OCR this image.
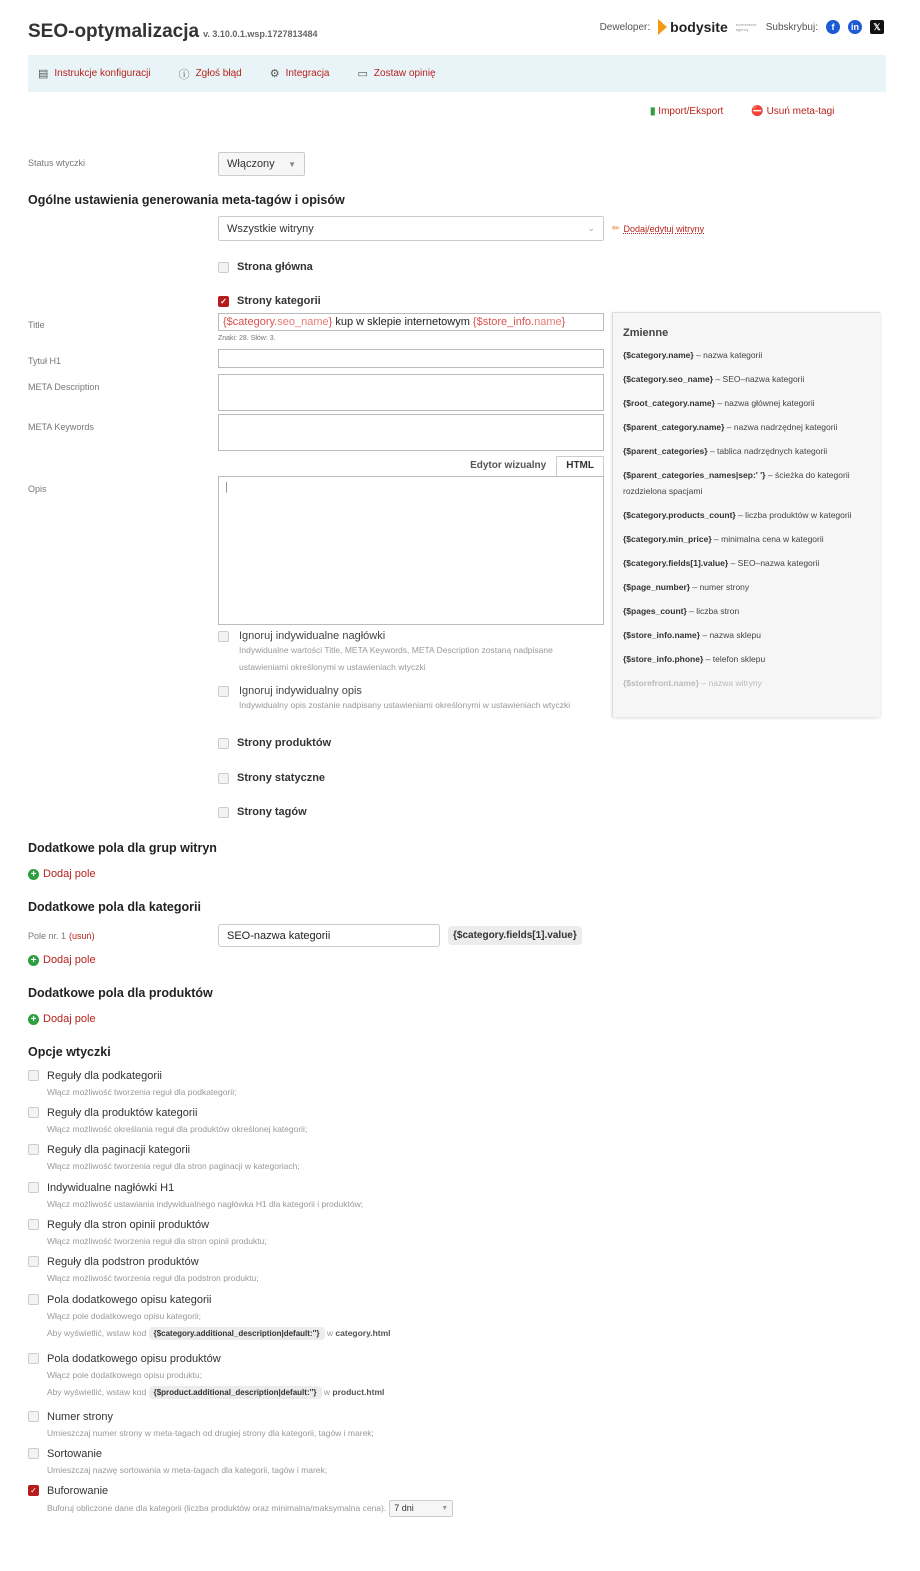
SEO-optymalizacja v. 3.10.0.1.wsp.1727813484
Deweloper: bodysite ecommerce agency	Subskrybuj:	f	in	𝕏
▤ Instrukcje konfiguracji	ⓘ Zgłoś błąd	⚙ Integracja	▭ Zostaw opinię
▮ Import/Eksport	⛔ Usuń meta-tagi
Status wtyczki	Włączony ▼
Ogólne ustawienia generowania meta-tagów i opisów
Wszystkie witryny	⌄ ✏ Dodaj/edytuj witryny
Strona główna
✓ Strony kategorii
Title	{$category. seo_name } kup w sklepie internetowym {$store_info. name }
Znaki: 28. Słów: 3.
Tytuł H1
META Description
META Keywords
Edytor wizualny	HTML
Opis	|
Ignoruj indywidualne nagłówki
Indywidualne wartości Title, META Keywords, META Description zostaną nadpisane ustawieniami określonymi w ustawieniach wtyczki
Ignoruj indywidualny opis
Indywidualny opis zostanie nadpisany ustawieniami określonymi w ustawieniach wtyczki
Zmienne
{$category.name} – nazwa kategorii
{$category.seo_name} – SEO–nazwa kategorii
{$root_category.name} – nazwa głównej kategorii
{$parent_category.name} – nazwa nadrzędnej kategorii
{$parent_categories} – tablica nadrzędnych kategorii
{$parent_categories_names|sep:' '} – ścieżka do kategorii rozdzielona spacjami
{$category.products_count} – liczba produktów w kategorii
{$category.min_price} – minimalna cena w kategorii
{$category.fields[1].value} – SEO–nazwa kategorii
{$page_number} – numer strony
{$pages_count} – liczba stron
{$store_info.name} – nazwa sklepu
{$store_info.phone} – telefon sklepu
{$storefront.name} – nazwa witryny
Strony produktów
Strony statyczne
Strony tagów
Dodatkowe pola dla grup witryn
+ Dodaj pole
Dodatkowe pola dla kategorii
Pole nr. 1 (usuń)	SEO-nazwa kategorii	{$category.fields[1].value}
+ Dodaj pole
Dodatkowe pola dla produktów
+ Dodaj pole
Opcje wtyczki
Reguły dla podkategorii
Włącz możliwość tworzenia reguł dla podkategorii;
Reguły dla produktów kategorii
Włącz możliwość określania reguł dla produktów określonej kategorii;
Reguły dla paginacji kategorii
Włącz możliwość tworzenia reguł dla stron paginacji w kategoriach;
Indywidualne nagłówki H1
Włącz możliwość ustawiania indywidualnego nagłówka H1 dla kategorii i produktów;
Reguły dla stron opinii produktów
Włącz możliwość tworzenia reguł dla stron opinii produktu;
Reguły dla podstron produktów
Włącz możliwość tworzenia reguł dla podstron produktu;
Pola dodatkowego opisu kategorii
Włącz pole dodatkowego opisu kategorii;
Aby wyświetlić, wstaw kod {$category.additional_description|default:''} w category.html
Pola dodatkowego opisu produktów
Włącz pole dodatkowego opisu produktu;
Aby wyświetlić, wstaw kod {$product.additional_description|default:''} w product.html
Numer strony
Umieszczaj numer strony w meta-tagach od drugiej strony dla kategorii, tagów i marek;
Sortowanie
Umieszczaj nazwę sortowania w meta-tagach dla kategorii, tagów i marek;
✓ Buforowanie
Buforuj obliczone dane dla kategorii (liczba produktów oraz minimalna/maksymalna cena). 7 dni	▼
